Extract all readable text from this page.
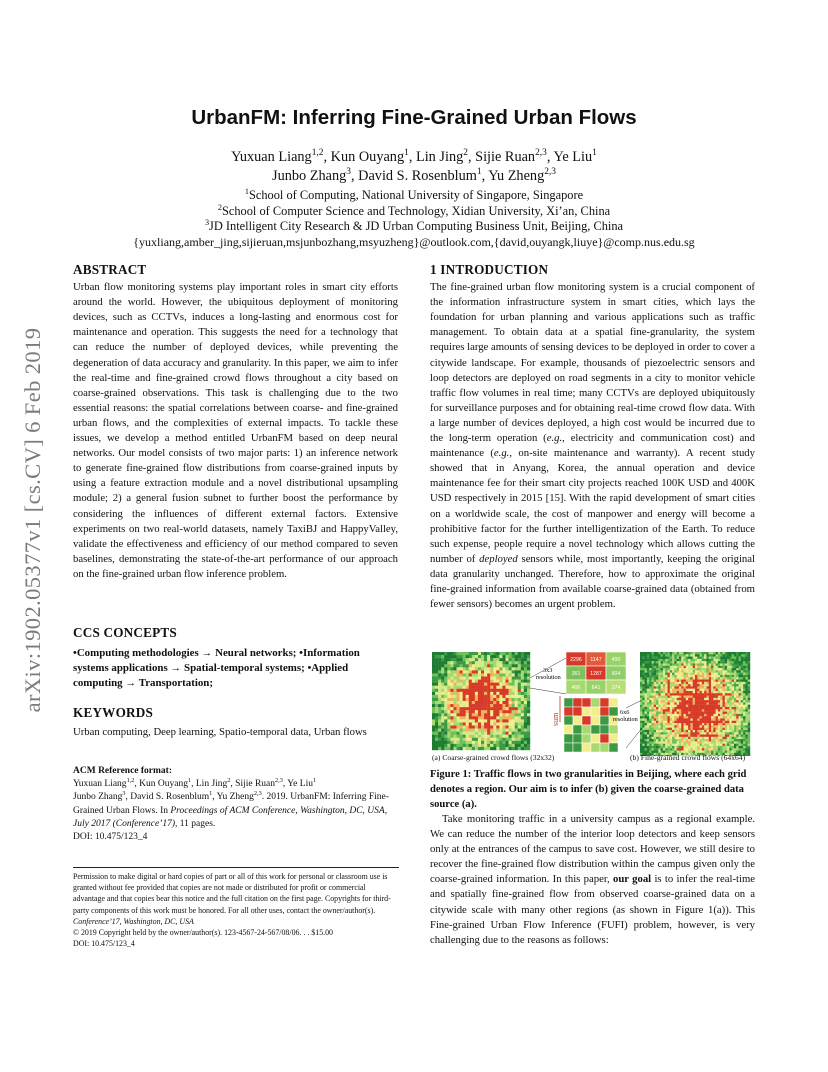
arXiv:1902.05377v1 [cs.CV] 6 Feb 2019
UrbanFM: Inferring Fine-Grained Urban Flows
Yuxuan Liang$^{1,2}$, Kun Ouyang$^1$, Lin Jing$^2$, Sijie Ruan$^{2,3}$, Ye Liu$^1$
Junbo Zhang$^3$, David S. Rosenblum$^1$, Yu Zheng$^{2,3}$
$^1$School of Computing, National University of Singapore, Singapore
$^2$School of Computer Science and Technology, Xidian University, Xi’an, China
$^3$JD Intelligent City Research & JD Urban Computing Business Unit, Beijing, China
{yuxliang,amber_jing,sijieruan,msjunbozhang,msyuzheng}@outlook.com,{david,ouyangk,liuye}@comp.nus.edu.sg
ABSTRACT

Urban flow monitoring systems play important roles in smart city efforts around the world. However, the ubiquitous deployment of monitoring devices, such as CCTVs, induces a long-lasting and enormous cost for maintenance and operation. This suggests the need for a technology that can reduce the number of deployed devices, while preventing the degeneration of data accuracy and granularity. In this paper, we aim to infer the real-time and fine-grained crowd flows throughout a city based on coarse-grained observations. This task is challenging due to the two essential reasons: the spatial correlations between coarse- and fine-grained urban flows, and the complexities of external impacts. To tackle these issues, we develop a method entitled UrbanFM based on deep neural networks. Our model consists of two major parts: 1) an inference network to generate fine-grained flow distributions from coarse-grained inputs by using a feature extraction module and a novel distributional upsampling module; 2) a general fusion subnet to further boost the performance by considering the influences of different external factors. Extensive experiments on two real-world datasets, namely TaxiBJ and HappyValley, validate the effectiveness and efficiency of our method compared to seven baselines, demonstrating the state-of-the-art performance of our approach on the fine-grained urban flow inference problem.

CCS CONCEPTS

•Computing methodologies → Neural networks; •Information systems applications → Spatial-temporal systems; •Applied computing → Transportation;

KEYWORDS

Urban computing, Deep learning, Spatio-temporal data, Urban flows

ACM Reference format:
Yuxuan Liang$^{1,2}$, Kun Ouyang$^1$, Lin Jing$^2$, Sijie Ruan$^{2,3}$, Ye Liu$^1$
Junbo Zhang$^3$, David S. Rosenblum$^1$, Yu Zheng$^{2,3}$. 2019. UrbanFM: Inferring Fine-Grained Urban Flows. In Proceedings of ACM Conference, Washington, DC, USA, July 2017 (Conference’17), 11 pages.
DOI: 10.475/123_4
Permission to make digital or hard copies of part or all of this work for personal or classroom use is granted without fee provided that copies are not made or distributed for profit or commercial advantage and that copies bear this notice and the full citation on the first page. Copyrights for third-party components of this work must be honored. For all other uses, contact the owner/author(s).
Conference’17, Washington, DC, USA
© 2019 Copyright held by the owner/author(s). 123-4567-24-567/08/06. . . $15.00
DOI: 10.475/123_4
1 INTRODUCTION

The fine-grained urban flow monitoring system is a crucial component of the information infrastructure system in smart cities, which lays the foundation for urban planning and various applications such as traffic management. To obtain data at a spatial fine-granularity, the system requires large amounts of sensing devices to be deployed in order to cover a citywide landscape. For example, thousands of piezoelectric sensors and loop detectors are deployed on road segments in a city to monitor vehicle traffic flow volumes in real time; many CCTVs are deployed ubiquitously for surveillance purposes and for obtaining real-time crowd flow data. With a large number of devices deployed, a high cost would be incurred due to the long-term operation (e.g., electricity and communication cost) and maintenance (e.g., on-site maintenance and warranty). A recent study showed that in Anyang, Korea, the annual operation and device maintenance fee for their smart city projects reached 100K USD and 400K USD respectively in 2015 [15]. With the rapid development of smart cities on a worldwide scale, the cost of manpower and energy will become a prohibitive factor for the further intelligentization of the Earth. To reduce such expense, people require a novel technology which allows cutting the number of deployed sensors while, most importantly, keeping the original data granularity unchanged. Therefore, how to approximate the original fine-grained information from available coarse-grained data (obtained from fewer sensors) becomes an urgent problem.

2296 1147 490
361 1287 604
406 641 374
3x3
resolution
6x6
resolution
sum
(a) Coarse-grained crowd flows (32x32)	(b) Fine-grained crowd flows (64x64)
Figure 1: Traffic flows in two granularities in Beijing, where each grid denotes a region. Our aim is to infer (b) given the coarse-grained data source (a).

Take monitoring traffic in a university campus as a regional example. We can reduce the number of the interior loop detectors and keep sensors only at the entrances of the campus to save cost. However, we still desire to recover the fine-grained flow distribution within the campus given only the coarse-grained information. In this paper, our goal is to infer the real-time and spatially fine-grained flow from observed coarse-grained data on a citywide scale with many other regions (as shown in Figure 1(a)). This Fine-grained Urban Flow Inference (FUFI) problem, however, is very challenging due to the reasons as follows:
